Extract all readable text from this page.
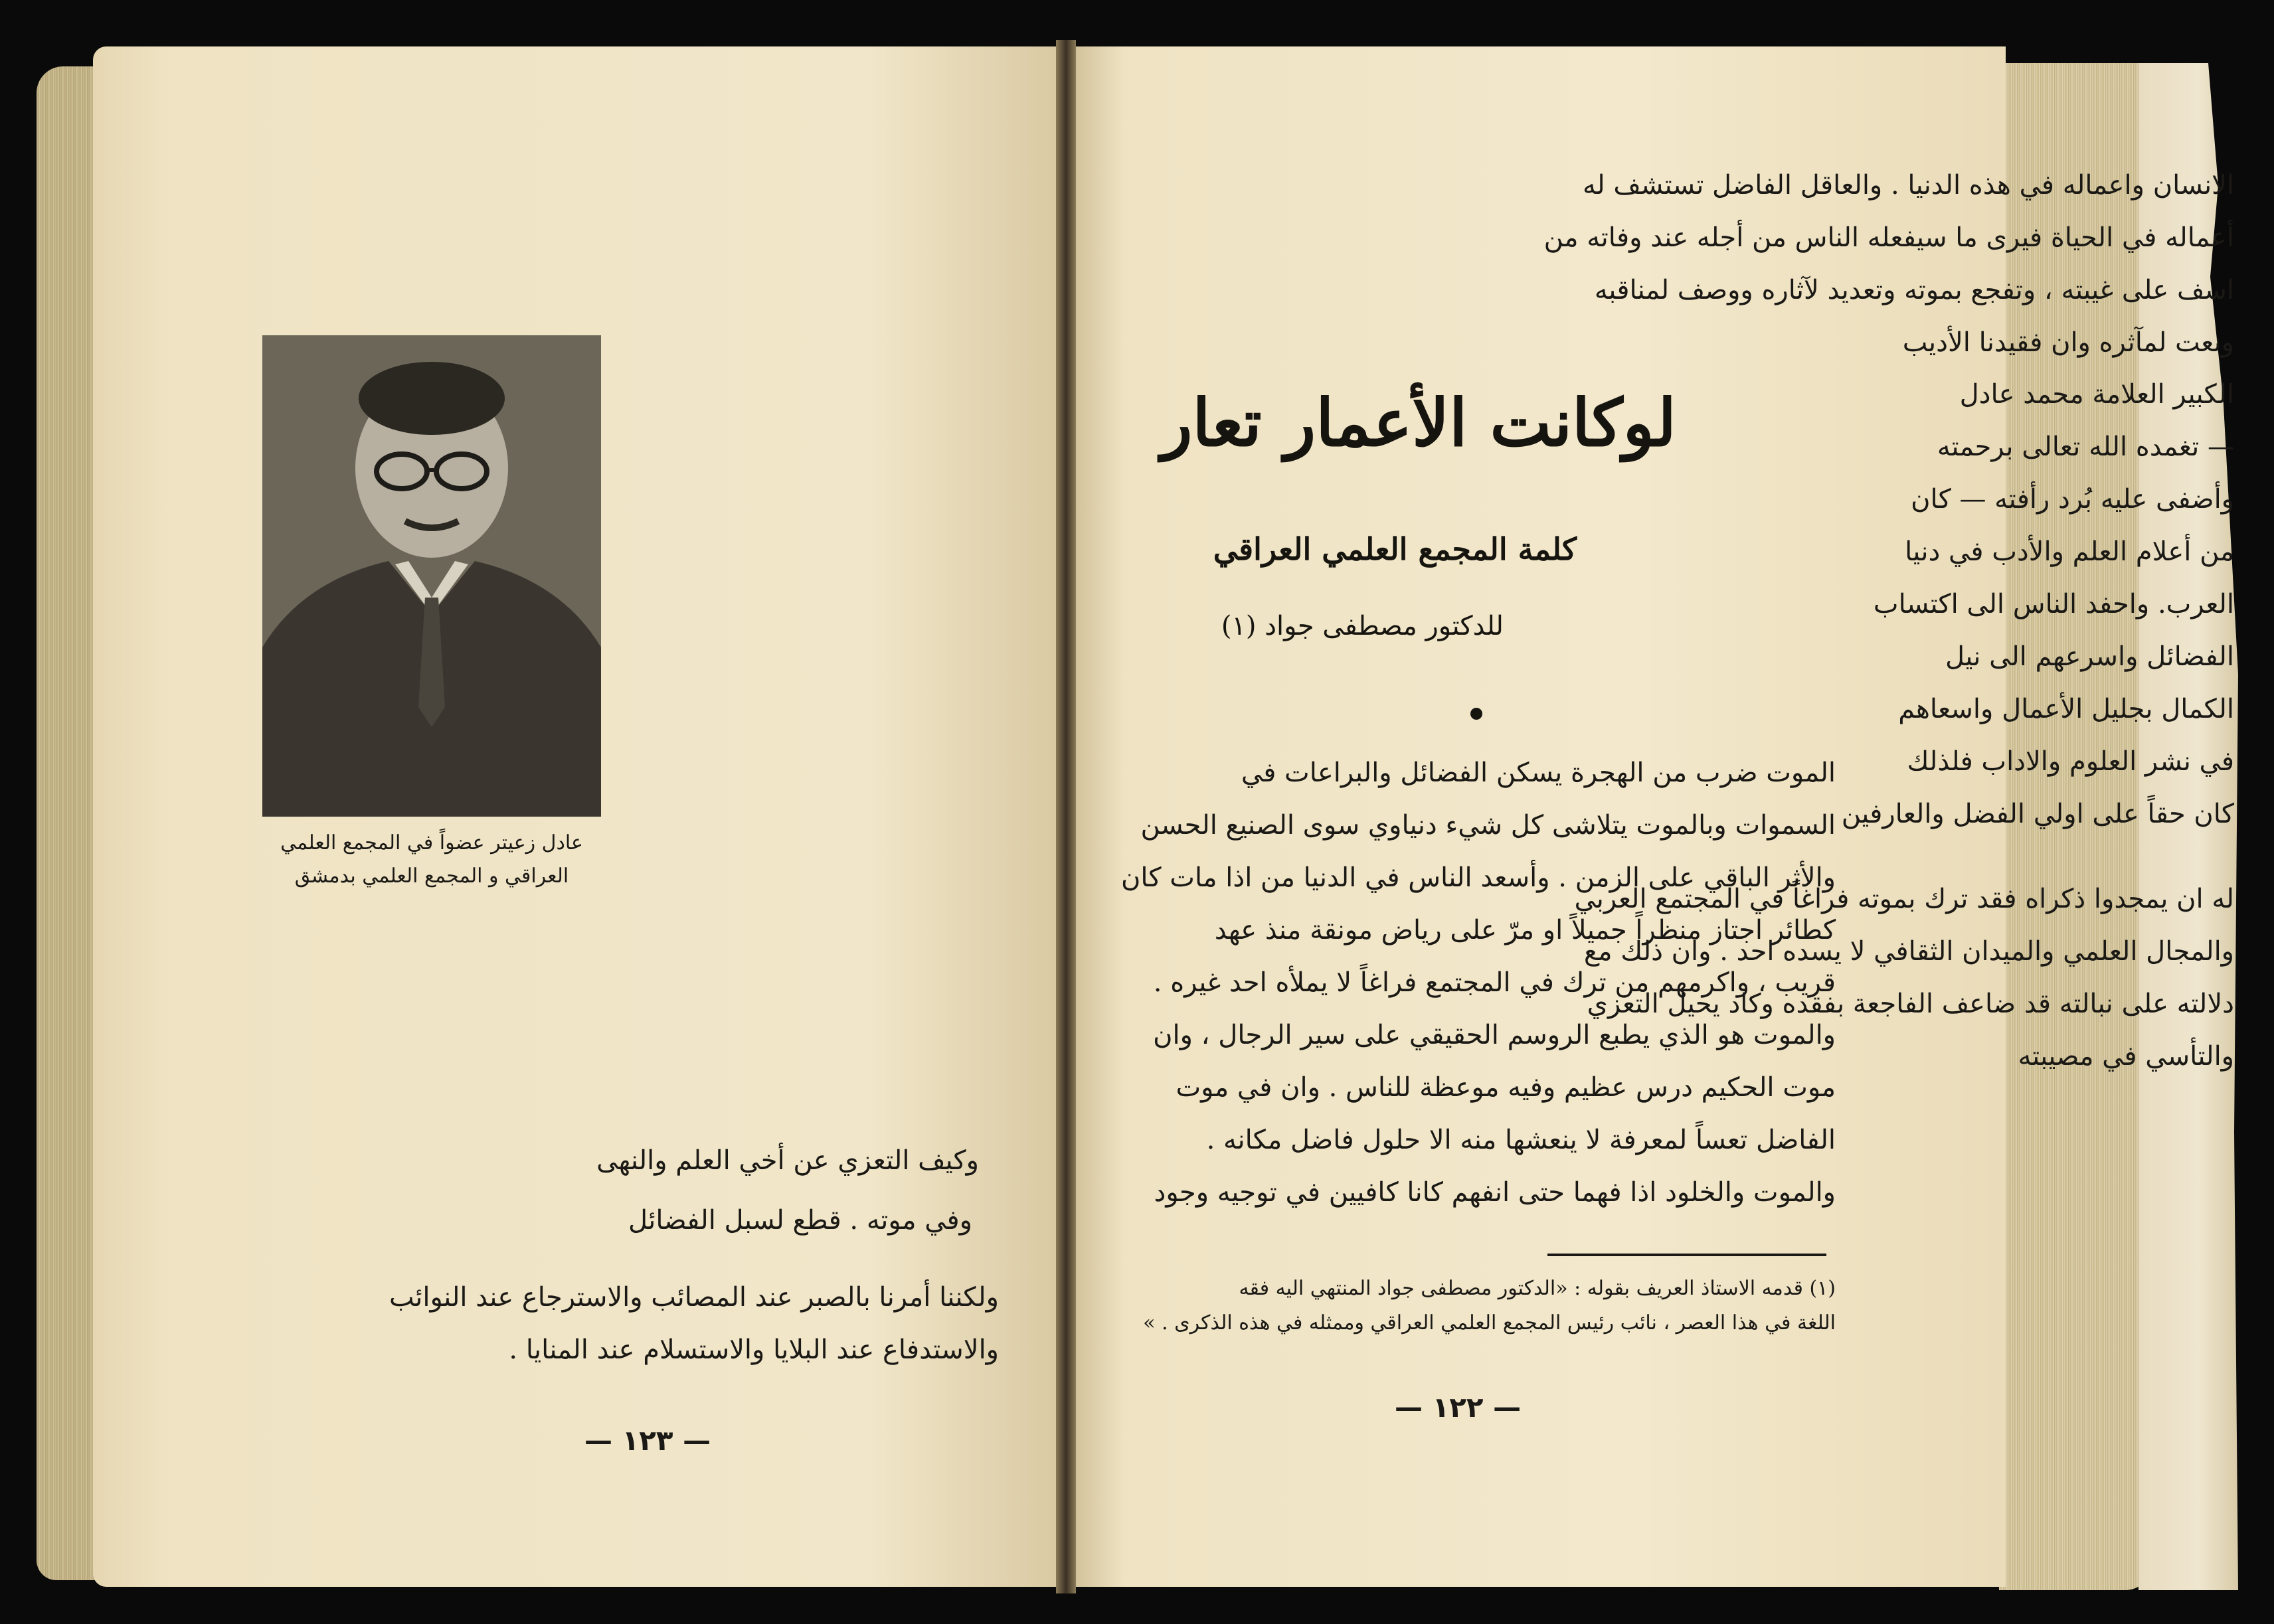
الانسان واعماله في هذه الدنيا . والعاقل الفاضل تستشف له
أعماله في الحياة فيرى ما سيفعله الناس من أجله عند وفاته من
اسف على غيبته ، وتفجع بموته وتعديد لآثاره ووصف لمناقبه
ونعت لمآثره وان فقيدنا الأديب
الكبير العلامة محمد عادل
— تغمده الله تعالى برحمته
وأضفى عليه بُرد رأفته — كان
من أعلام العلم والأدب في دنيا
العرب. واحفد الناس الى اكتساب
الفضائل واسرعهم الى نيل
الكمال بجليل الأعمال واسعاهم
في نشر العلوم والاداب فلذلك
كان حقاً على اولي الفضل والعارفين
عادل زعيتر عضواً في المجمع العلمي
العراقي و المجمع العلمي بدمشق
له ان يمجدوا ذكراه فقد ترك بموته فراغاً في المجتمع العربي
والمجال العلمي والميدان الثقافي لا يسده احد . وان ذلك مع
دلالته على نبالته قد ضاعف الفاجعة بفقده وكاد يحيل التعزي
والتأسي في مصيبته
وكيف التعزي عن أخي العلم والنهى
وفي موته . قطع لسبل الفضائل
ولكننا أمرنا بالصبر عند المصائب والاسترجاع عند النوائب
والاستدفاع عند البلايا والاستسلام عند المنايا .
— ١٢٣ —
لوكانت الأعمار تعار
كلمة المجمع العلمي العراقي
للدكتور مصطفى جواد (١)
الموت ضرب من الهجرة يسكن الفضائل والبراعات في
السموات وبالموت يتلاشى كل شيء دنياوي سوى الصنيع الحسن
والأثر الباقي على الزمن . وأسعد الناس في الدنيا من اذا مات كان
كطائر اجتاز منظراً جميلاً او مرّ على رياض مونقة منذ عهد
قريب ، واكرمهم من ترك في المجتمع فراغاً لا يملأه احد غيره .
والموت هو الذي يطبع الروسم الحقيقي على سير الرجال ، وان
موت الحكيم درس عظيم وفيه موعظة للناس . وان في موت
الفاضل تعساً لمعرفة لا ينعشها منه الا حلول فاضل مكانه .
والموت والخلود اذا فهما حتى انفهم كانا كافيين في توجيه وجود
(١) قدمه الاستاذ العريف بقوله : «الدكتور مصطفى جواد المنتهي اليه فقه
اللغة في هذا العصر ، نائب رئيس المجمع العلمي العراقي وممثله في هذه الذكرى . »
— ١٢٢ —
